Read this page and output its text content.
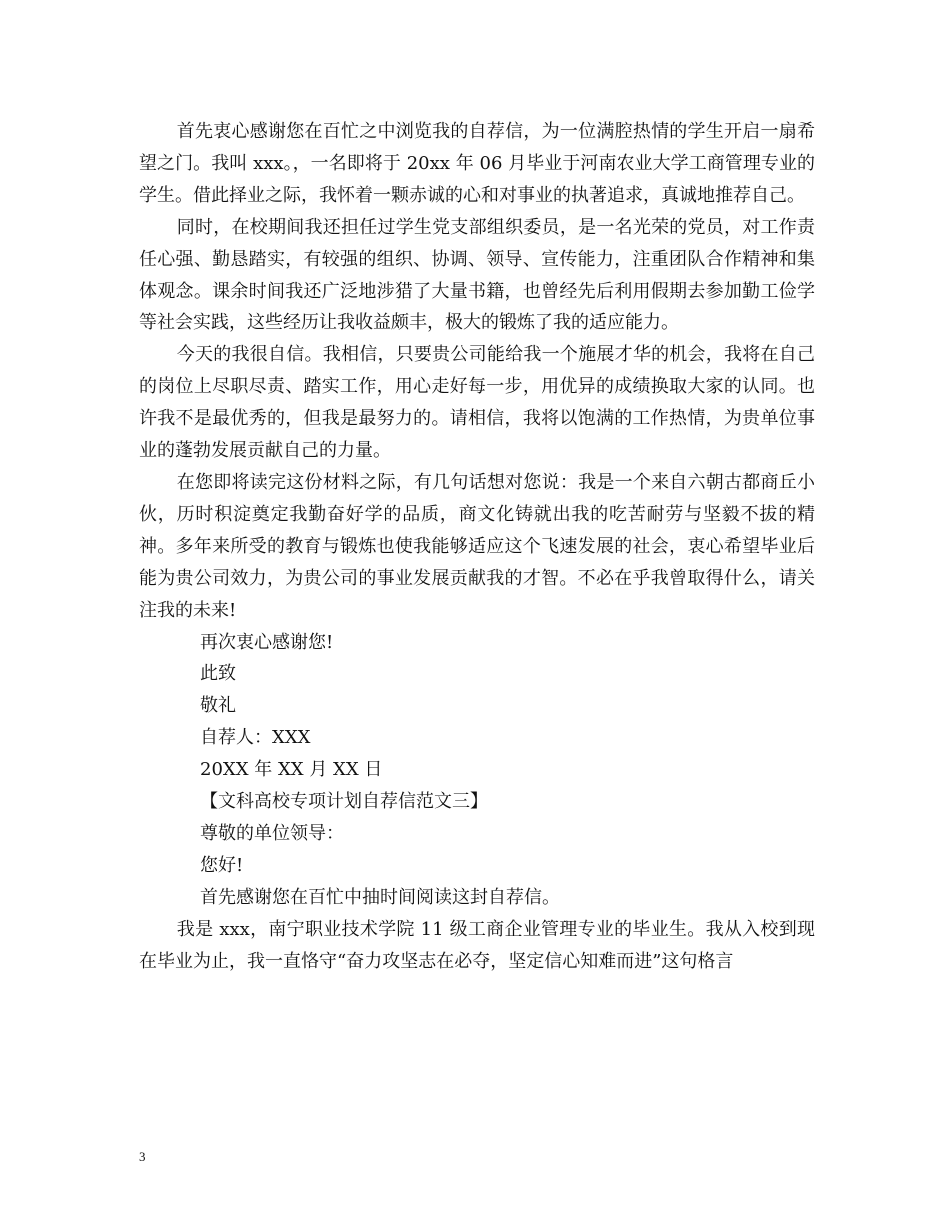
首先衷心感谢您在百忙之中浏览我的自荐信，为一位满腔热情的学生开启一扇希望之门。我叫 xxx。，一名即将于 20xx 年 06 月毕业于河南农业大学工商管理专业的学生。借此择业之际，我怀着一颗赤诚的心和对事业的执著追求，真诚地推荐自己。

同时，在校期间我还担任过学生党支部组织委员，是一名光荣的党员，对工作责任心强、勤恳踏实，有较强的组织、协调、领导、宣传能力，注重团队合作精神和集体观念。课余时间我还广泛地涉猎了大量书籍，也曾经先后利用假期去参加勤工俭学等社会实践，这些经历让我收益颇丰，极大的锻炼了我的适应能力。

今天的我很自信。我相信，只要贵公司能给我一个施展才华的机会，我将在自己的岗位上尽职尽责、踏实工作，用心走好每一步，用优异的成绩换取大家的认同。也许我不是最优秀的，但我是最努力的。请相信，我将以饱满的工作热情，为贵单位事业的蓬勃发展贡献自己的力量。

在您即将读完这份材料之际，有几句话想对您说：我是一个来自六朝古都商丘小伙，历时积淀奠定我勤奋好学的品质，商文化铸就出我的吃苦耐劳与坚毅不拔的精神。多年来所受的教育与锻炼也使我能够适应这个飞速发展的社会，衷心希望毕业后能为贵公司效力，为贵公司的事业发展贡献我的才智。不必在乎我曾取得什么，请关注我的未来!

再次衷心感谢您!

此致

敬礼

自荐人：XXX

20XX 年 XX 月 XX 日

【文科高校专项计划自荐信范文三】

尊敬的单位领导：

您好!

首先感谢您在百忙中抽时间阅读这封自荐信。

我是 xxx，南宁职业技术学院 11 级工商企业管理专业的毕业生。我从入校到现在毕业为止，我一直恪守“奋力攻坚志在必夺，坚定信心知难而进”这句格言

3
